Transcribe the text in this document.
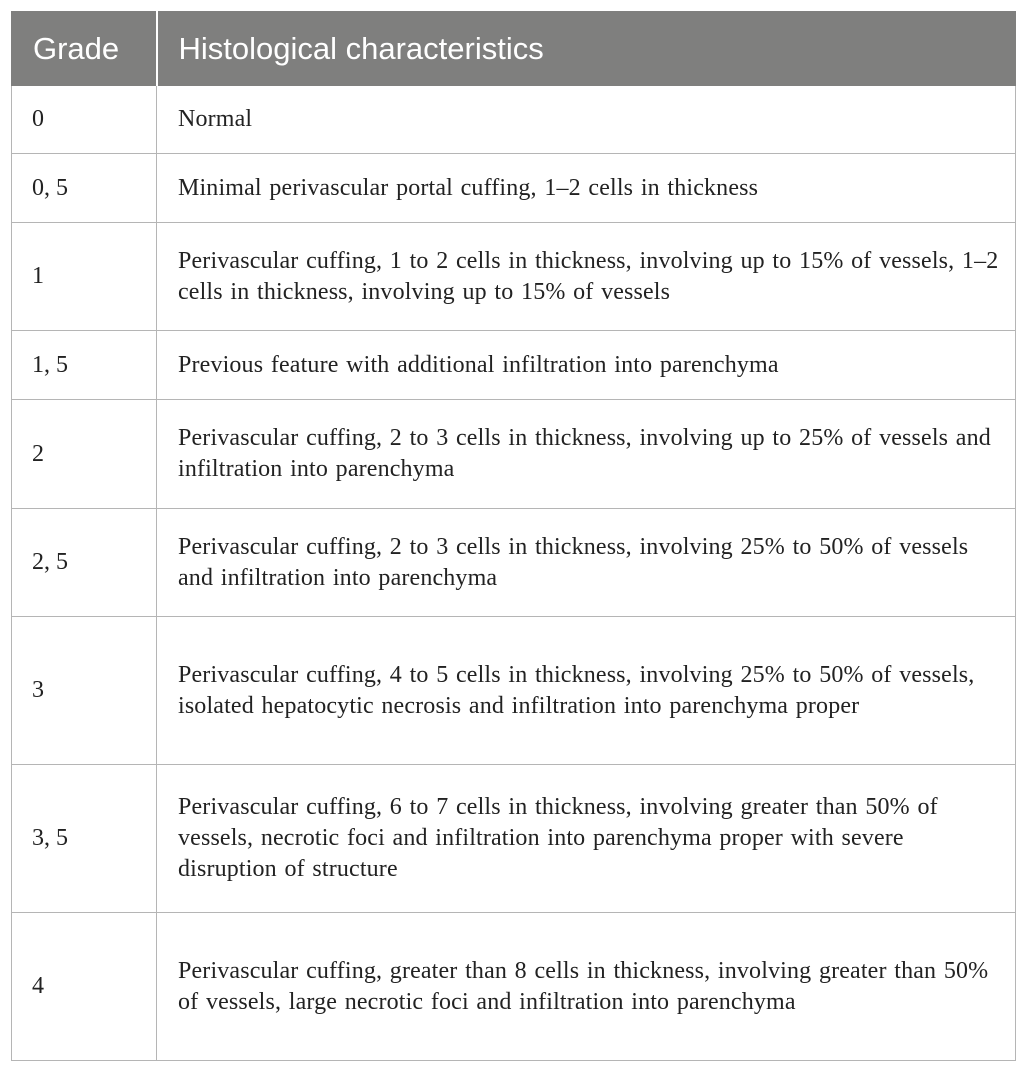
Grade	Histological characteristics
0	Normal
0, 5	Minimal perivascular portal cuffing, 1–2 cells in thickness
1	Perivascular cuffing, 1 to 2 cells in thickness, involving up to 15% of vessels, 1–2 cells in thickness, involving up to 15% of vessels
1, 5	Previous feature with additional infiltration into parenchyma
2	Perivascular cuffing, 2 to 3 cells in thickness, involving up to 25% of vessels and infiltration into parenchyma
2, 5	Perivascular cuffing, 2 to 3 cells in thickness, involving 25% to 50% of vessels and infiltration into parenchyma
3	Perivascular cuffing, 4 to 5 cells in thickness, involving 25% to 50% of vessels, isolated hepatocytic necrosis and infiltration into parenchyma proper
3, 5	Perivascular cuffing, 6 to 7 cells in thickness, involving greater than 50% of vessels, necrotic foci and infiltration into parenchyma proper with severe disruption of structure
4	Perivascular cuffing, greater than 8 cells in thickness, involving greater than 50% of vessels, large necrotic foci and infiltration into parenchyma
